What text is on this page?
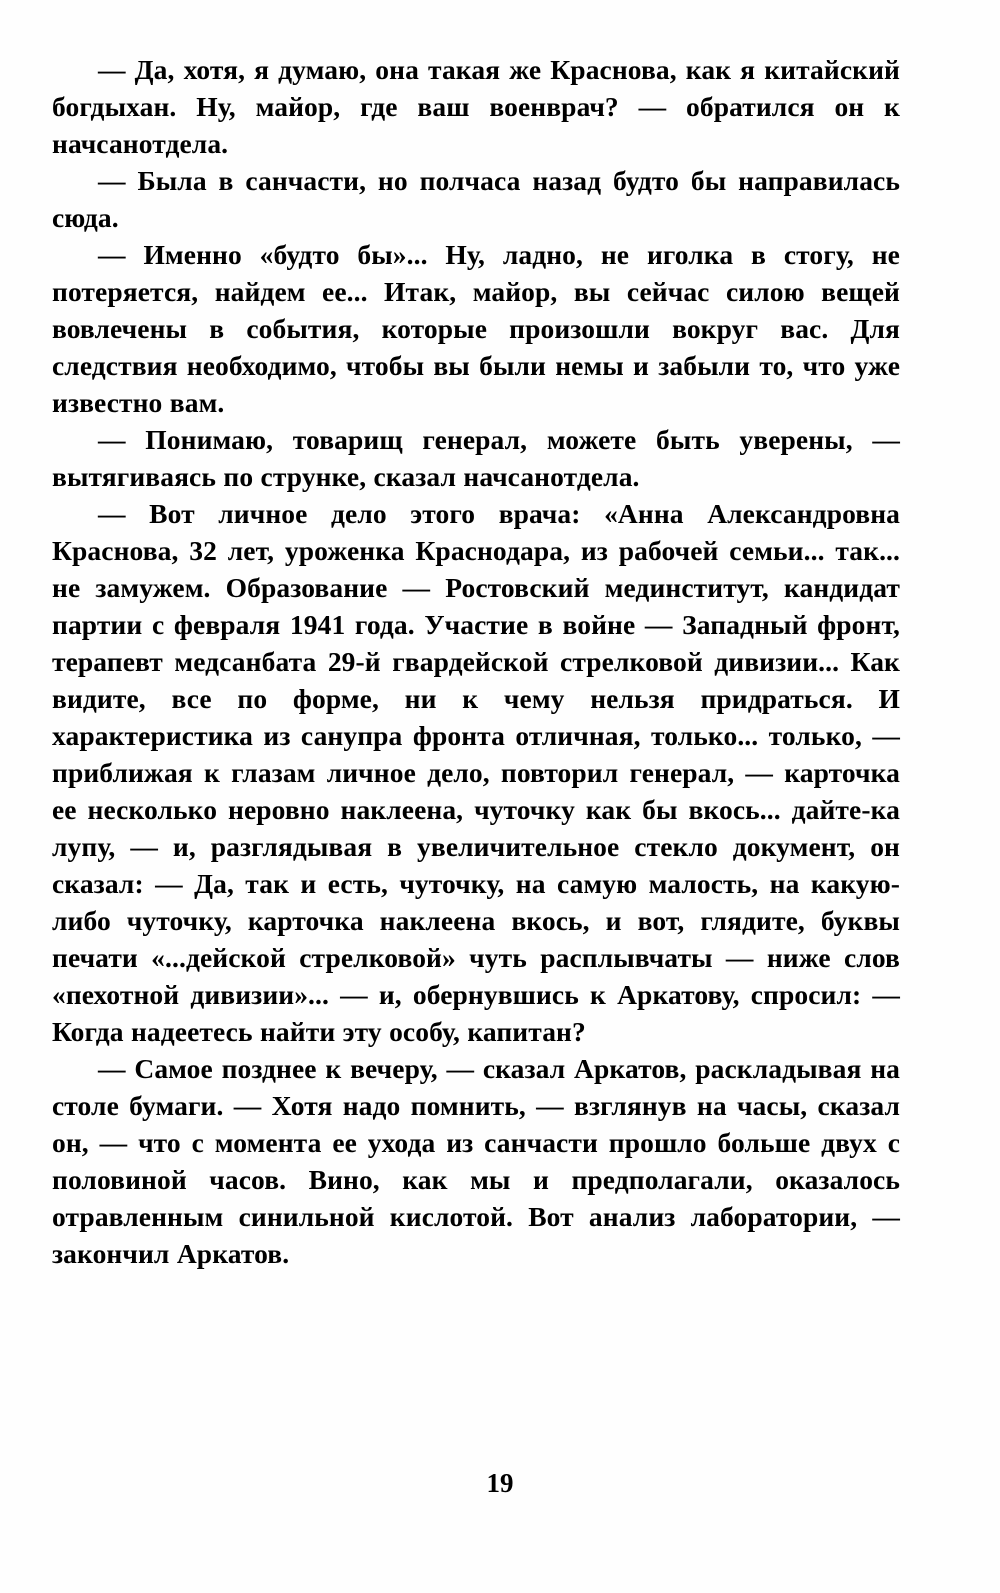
— Да, хотя, я думаю, она такая же Краснова, как я китайский богдыхан. Ну, майор, где ваш военврач? — обратился он к начсанотдела.

— Была в санчасти, но полчаса назад будто бы направилась сюда.

— Именно «будто бы»... Ну, ладно, не иголка в стогу, не потеряется, найдем ее... Итак, майор, вы сейчас силою вещей вовлечены в события, которые произошли вокруг вас. Для следствия необходимо, чтобы вы были немы и забыли то, что уже известно вам.

— Понимаю, товарищ генерал, можете быть уверены, — вытягиваясь по струнке, сказал начсанотдела.

— Вот личное дело этого врача: «Анна Александровна Краснова, 32 лет, уроженка Краснодара, из рабочей семьи... так... не замужем. Образование — Ростовский мединститут, кандидат партии с февраля 1941 года. Участие в войне — Западный фронт, терапевт медсанбата 29-й гвардейской стрелковой дивизии... Как видите, все по форме, ни к чему нельзя придраться. И характеристика из санупра фронта отличная, только... только, — приближая к глазам личное дело, повторил генерал, — карточка ее несколько неровно наклеена, чуточку как бы вкось... дайте-ка лупу, — и, разглядывая в увеличительное стекло документ, он сказал: — Да, так и есть, чуточку, на самую малость, на какую-либо чуточку, карточка наклеена вкось, и вот, глядите, буквы печати «...дейской стрелковой» чуть расплывчаты — ниже слов «пехотной дивизии»... — и, обернувшись к Аркатову, спросил: — Когда надеетесь найти эту особу, капитан?

— Самое позднее к вечеру, — сказал Аркатов, раскладывая на столе бумаги. — Хотя надо помнить, — взглянув на часы, сказал он, — что с момента ее ухода из санчасти прошло больше двух с половиной часов. Вино, как мы и предполагали, оказалось отравленным синильной кислотой. Вот анализ лаборатории, — закончил Аркатов.

19
